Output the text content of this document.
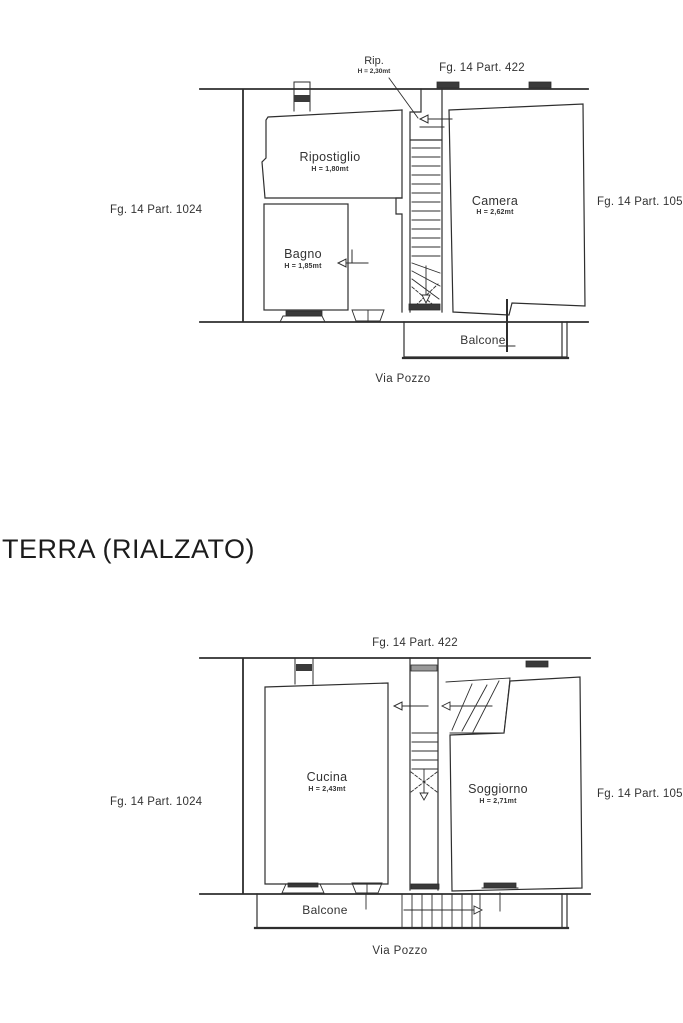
Rip.
H = 2,30mt	Fg. 14 Part. 422
Fg. 14 Part. 1024
Fg. 14 Part. 105
Ripostiglio
H = 1,80mt
Bagno
H = 1,85mt
Camera
H = 2,62mt
Balcone
Via Pozzo
TERRA (RIALZATO)
Fg. 14 Part. 422
Fg. 14 Part. 1024
Fg. 14 Part. 105
Cucina
H = 2,43mt	Soggiorno
H = 2,71mt
Balcone
Via Pozzo
